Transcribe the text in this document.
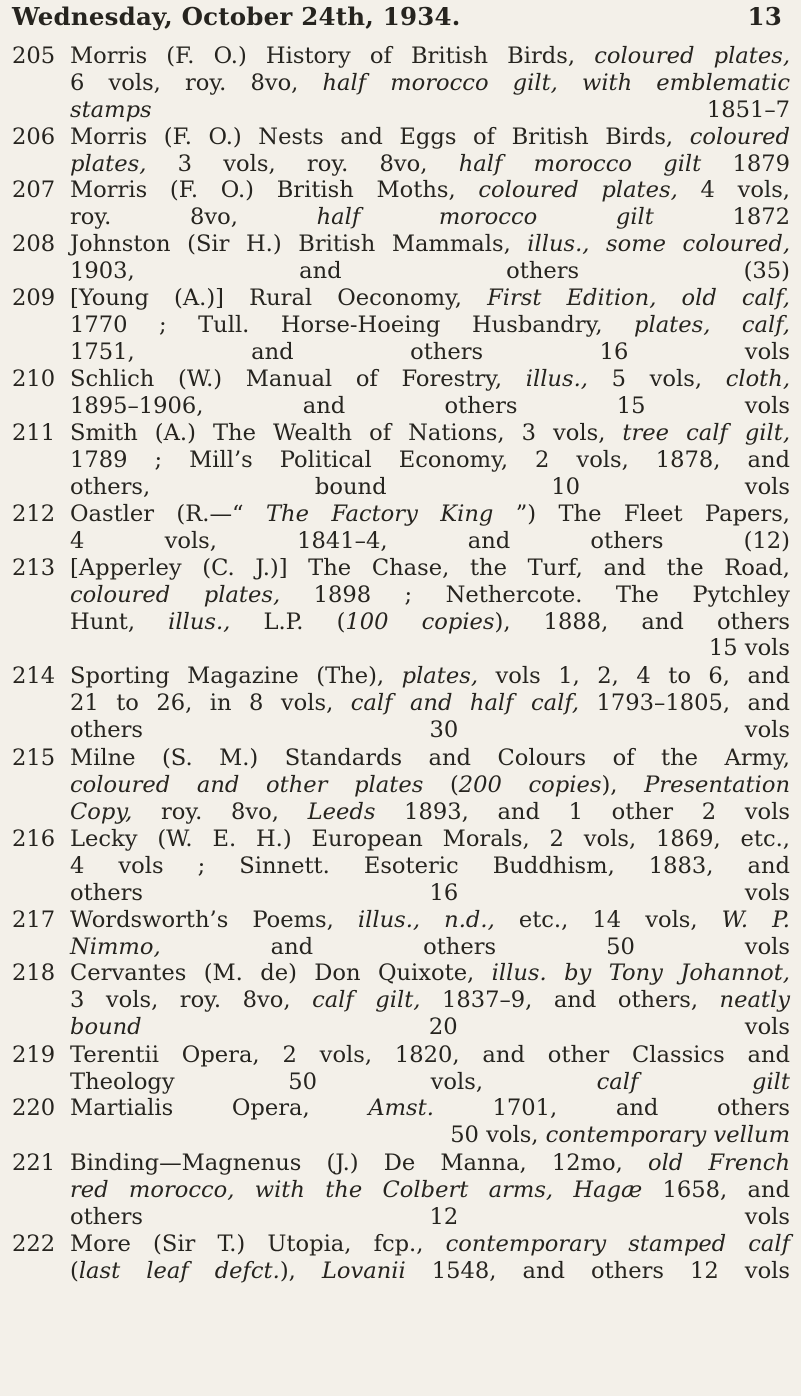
Wednesday, October 24th, 1934.	13
205 Morris (F. O.) History of British Birds, coloured plates,
6 vols, roy. 8vo, half morocco gilt, with emblematic
stamps 1851–7
206 Morris (F. O.) Nests and Eggs of British Birds, coloured
plates, 3 vols, roy. 8vo, half morocco gilt 1879
207 Morris (F. O.) British Moths, coloured plates, 4 vols,
roy. 8vo, half morocco gilt 1872
208 Johnston (Sir H.) British Mammals, illus., some coloured,
1903, and others (35)
209 [Young (A.)] Rural Oeconomy, First Edition, old calf,
1770 ; Tull. Horse-Hoeing Husbandry, plates, calf,
1751, and others 16 vols
210 Schlich (W.) Manual of Forestry, illus., 5 vols, cloth,
1895–1906, and others 15 vols
211 Smith (A.) The Wealth of Nations, 3 vols, tree calf gilt,
1789 ; Mill’s Political Economy, 2 vols, 1878, and
others, bound 10 vols
212 Oastler (R.—“ The Factory King ”) The Fleet Papers,
4 vols, 1841–4, and others (12)
213 [Apperley (C. J.)] The Chase, the Turf, and the Road,
coloured plates, 1898 ; Nethercote. The Pytchley
Hunt, illus., L.P. (100 copies), 1888, and others
15 vols
214 Sporting Magazine (The), plates, vols 1, 2, 4 to 6, and
21 to 26, in 8 vols, calf and half calf, 1793–1805, and
others 30 vols
215 Milne (S. M.) Standards and Colours of the Army,
coloured and other plates (200 copies), Presentation
Copy, roy. 8vo, Leeds 1893, and 1 other 2 vols
216 Lecky (W. E. H.) European Morals, 2 vols, 1869, etc.,
4 vols ; Sinnett. Esoteric Buddhism, 1883, and
others 16 vols
217 Wordsworth’s Poems, illus., n.d., etc., 14 vols, W. P.
Nimmo, and others 50 vols
218 Cervantes (M. de) Don Quixote, illus. by Tony Johannot,
3 vols, roy. 8vo, calf gilt, 1837–9, and others, neatly
bound 20 vols
219 Terentii Opera, 2 vols, 1820, and other Classics and
Theology 50 vols, calf gilt
220 Martialis Opera, Amst. 1701, and others
50 vols, contemporary vellum
221 Binding—Magnenus (J.) De Manna, 12mo, old French
red morocco, with the Colbert arms, Hagæ 1658, and
others 12 vols
222 More (Sir T.) Utopia, fcp., contemporary stamped calf
(last leaf defct.), Lovanii 1548, and others 12 vols
